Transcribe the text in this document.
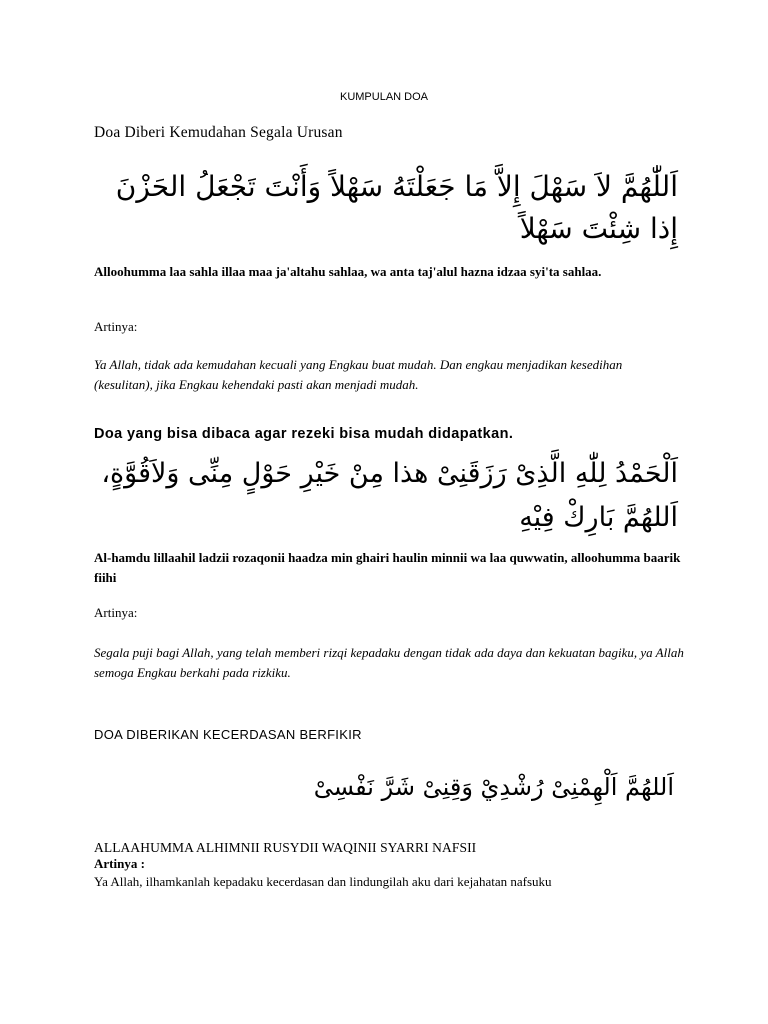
KUMPULAN DOA

Doa Diberi Kemudahan Segala Urusan

اَللّٰهُمَّ لاَ سَهْلَ إِلاَّ مَا جَعَلْتَهُ سَهْلاً وَأَنْتَ تَجْعَلُ الحَزْنَ إِذا شِئْتَ سَهْلاً

Alloohumma laa sahla illaa maa ja'altahu sahlaa, wa anta taj'alul hazna idzaa syi'ta sahlaa.

Artinya:

Ya Allah, tidak ada kemudahan kecuali yang Engkau buat mudah. Dan engkau menjadikan kesedihan (kesulitan), jika Engkau kehendaki pasti akan menjadi mudah.

Doa yang bisa dibaca agar rezeki bisa mudah didapatkan.

اَلْحَمْدُ لِلّٰهِ الَّذِىْ رَزَقَنِىْ هذا مِنْ خَيْرِ حَوْلٍ مِنِّى وَلاَقُوَّةٍ، اَللهُمَّ بَارِكْ فِيْهِ

Al-hamdu lillaahil ladzii rozaqonii haadza min ghairi haulin minnii wa laa quwwatin, alloohumma baarik fiihi

Artinya:

Segala puji bagi Allah, yang telah memberi rizqi kepadaku dengan tidak ada daya dan kekuatan bagiku, ya Allah semoga Engkau berkahi pada rizkiku.

DOA DIBERIKAN KECERDASAN BERFIKIR

اَللهُمَّ اَلْهِمْنِىْ رُشْدِيْ وَقِنِىْ شَرَّ نَفْسِىْ

ALLAAHUMMA ALHIMNII RUSYDII WAQINII SYARRI NAFSII

Artinya :

Ya Allah, ilhamkanlah kepadaku kecerdasan dan lindungilah aku dari kejahatan nafsuku
